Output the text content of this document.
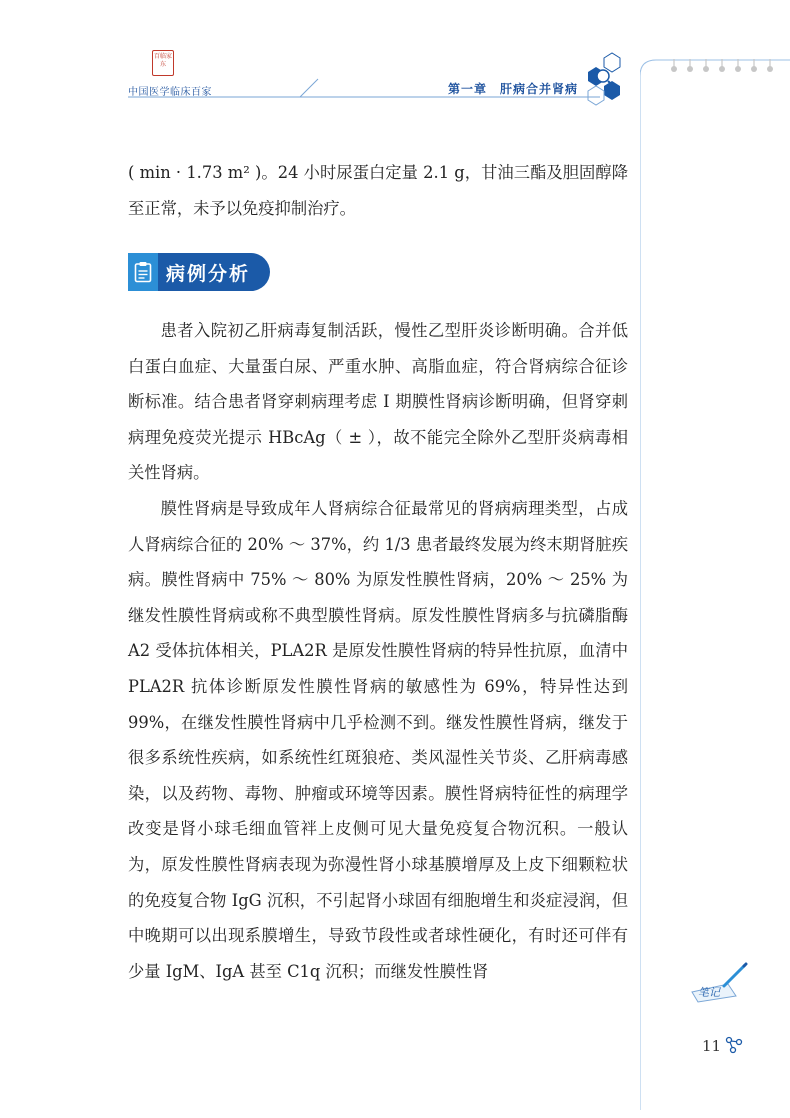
百临家东
中国医学临床百家	第一章　肝病合并肾病

( min · 1.73 m² )。24 小时尿蛋白定量 2.1 g，甘油三酯及胆固醇降至正常，未予以免疫抑制治疗。

病例分析

患者入院初乙肝病毒复制活跃，慢性乙型肝炎诊断明确。合并低白蛋白血症、大量蛋白尿、严重水肿、高脂血症，符合肾病综合征诊断标准。结合患者肾穿刺病理考虑 Ⅰ 期膜性肾病诊断明确，但肾穿刺病理免疫荧光提示 HBcAg（ ± ），故不能完全除外乙型肝炎病毒相关性肾病。

膜性肾病是导致成年人肾病综合征最常见的肾病病理类型，占成人肾病综合征的 20% ～ 37%，约 1/3 患者最终发展为终末期肾脏疾病。膜性肾病中 75% ～ 80% 为原发性膜性肾病，20% ～ 25% 为继发性膜性肾病或称不典型膜性肾病。原发性膜性肾病多与抗磷脂酶 A2 受体抗体相关，PLA2R 是原发性膜性肾病的特异性抗原，血清中 PLA2R 抗体诊断原发性膜性肾病的敏感性为 69%，特异性达到 99%，在继发性膜性肾病中几乎检测不到。继发性膜性肾病，继发于很多系统性疾病，如系统性红斑狼疮、类风湿性关节炎、乙肝病毒感染，以及药物、毒物、肿瘤或环境等因素。膜性肾病特征性的病理学改变是肾小球毛细血管袢上皮侧可见大量免疫复合物沉积。一般认为，原发性膜性肾病表现为弥漫性肾小球基膜增厚及上皮下细颗粒状的免疫复合物 IgG 沉积，不引起肾小球固有细胞增生和炎症浸润，但中晚期可以出现系膜增生，导致节段性或者球性硬化，有时还可伴有少量 IgM、IgA 甚至 C1q 沉积；而继发性膜性肾

笔记
11
